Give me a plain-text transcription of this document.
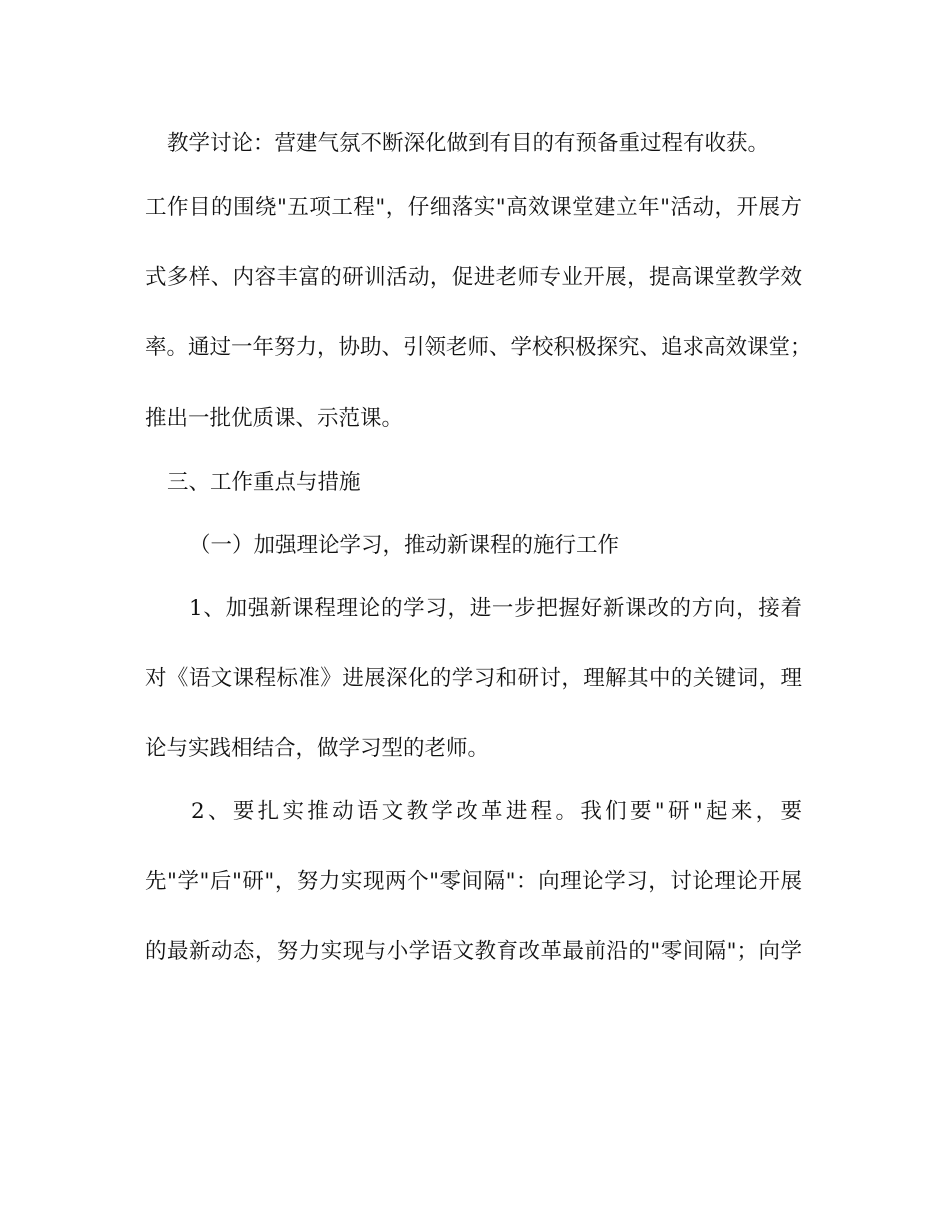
教学讨论：营建气氛不断深化做到有目的有预备重过程有收获。

工作目的围绕"五项工程"，仔细落实"高效课堂建立年"活动，开展方

式多样、内容丰富的研训活动，促进老师专业开展，提高课堂教学效

率。通过一年努力，协助、引领老师、学校积极探究、追求高效课堂；

推出一批优质课、示范课。

三、工作重点与措施

（一）加强理论学习，推动新课程的施行工作

1、加强新课程理论的学习，进一步把握好新课改的方向，接着

对《语文课程标准》进展深化的学习和研讨，理解其中的关键词，理

论与实践相结合，做学习型的老师。

2、要扎实推动语文教学改革进程。我们要"研"起来，要

先"学"后"研"，努力实现两个"零间隔"：向理论学习，讨论理论开展

的最新动态，努力实现与小学语文教育改革最前沿的"零间隔"；向学
